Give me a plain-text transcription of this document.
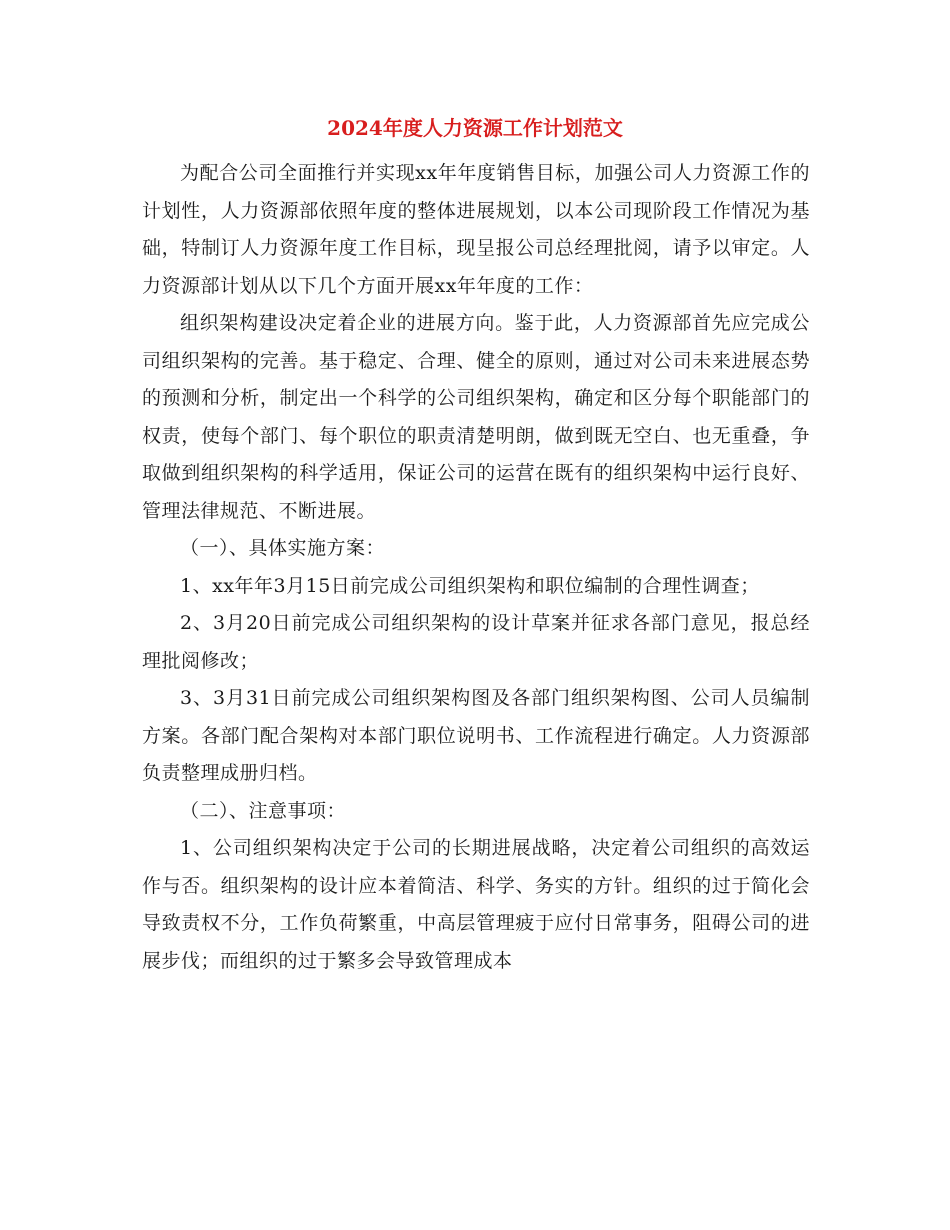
2024年度人力资源工作计划范文

为配合公司全面推行并实现xx年年度销售目标，加强公司人力资源工作的计划性，人力资源部依照年度的整体进展规划，以本公司现阶段工作情况为基础，特制订人力资源年度工作目标，现呈报公司总经理批阅，请予以审定。人力资源部计划从以下几个方面开展xx年年度的工作：

组织架构建设决定着企业的进展方向。鉴于此，人力资源部首先应完成公司组织架构的完善。基于稳定、合理、健全的原则，通过对公司未来进展态势的预测和分析，制定出一个科学的公司组织架构，确定和区分每个职能部门的权责，使每个部门、每个职位的职责清楚明朗，做到既无空白、也无重叠，争取做到组织架构的科学适用，保证公司的运营在既有的组织架构中运行良好、管理法律规范、不断进展。

（一）、具体实施方案：

1、xx年年3月15日前完成公司组织架构和职位编制的合理性调查；

2、3月20日前完成公司组织架构的设计草案并征求各部门意见，报总经理批阅修改；

3、3月31日前完成公司组织架构图及各部门组织架构图、公司人员编制方案。各部门配合架构对本部门职位说明书、工作流程进行确定。人力资源部负责整理成册归档。

（二）、注意事项：

1、公司组织架构决定于公司的长期进展战略，决定着公司组织的高效运作与否。组织架构的设计应本着简洁、科学、务实的方针。组织的过于简化会导致责权不分，工作负荷繁重，中高层管理疲于应付日常事务，阻碍公司的进展步伐；而组织的过于繁多会导致管理成本
